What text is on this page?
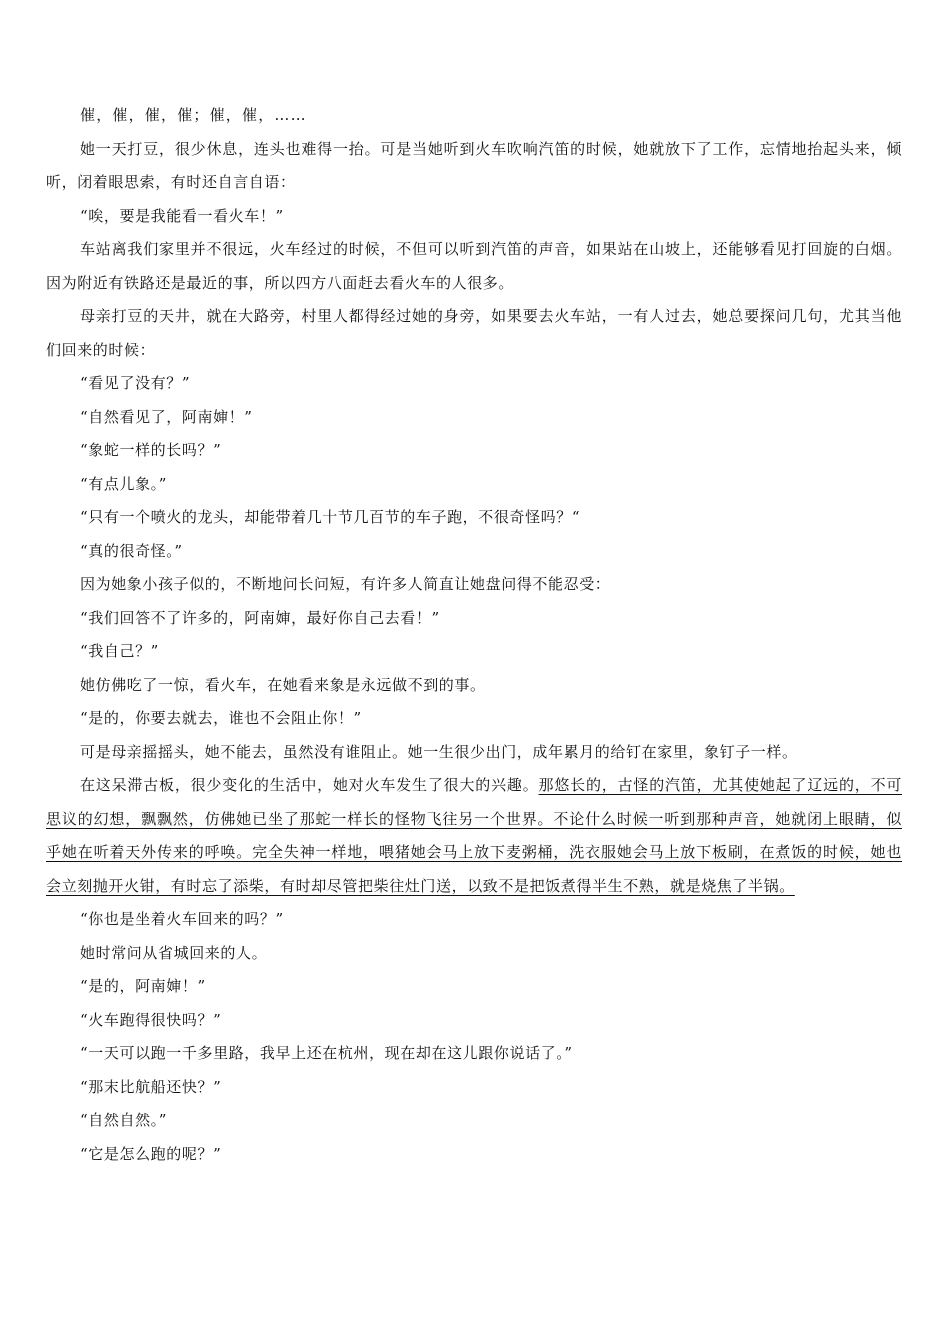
催，催，催，催；催，催，……

她一天打豆，很少休息，连头也难得一抬。可是当她听到火车吹响汽笛的时候，她就放下了工作，忘情地抬起头来，倾听，闭着眼思索，有时还自言自语：

“唉，要是我能看一看火车！”

车站离我们家里并不很远，火车经过的时候，不但可以听到汽笛的声音，如果站在山坡上，还能够看见打回旋的白烟。因为附近有铁路还是最近的事，所以四方八面赶去看火车的人很多。

母亲打豆的天井，就在大路旁，村里人都得经过她的身旁，如果要去火车站，一有人过去，她总要探问几句，尤其当他们回来的时候：

“看见了没有？”

“自然看见了，阿南婶！”

“象蛇一样的长吗？”

“有点儿象。”

“只有一个喷火的龙头，却能带着几十节几百节的车子跑，不很奇怪吗？“

“真的很奇怪。”

因为她象小孩子似的，不断地问长问短，有许多人简直让她盘问得不能忍受：

“我们回答不了许多的，阿南婶，最好你自己去看！”

“我自己？”

她仿佛吃了一惊，看火车，在她看来象是永远做不到的事。

“是的，你要去就去，谁也不会阻止你！”

可是母亲摇摇头，她不能去，虽然没有谁阻止。她一生很少出门，成年累月的给钉在家里，象钉子一样。

在这呆滞古板，很少变化的生活中，她对火车发生了很大的兴趣。那悠长的，古怪的汽笛，尤其使她起了辽远的，不可思议的幻想，飘飘然，仿佛她已坐了那蛇一样长的怪物飞往另一个世界。不论什么时候一听到那种声音，她就闭上眼睛，似乎她在听着天外传来的呼唤。完全失神一样地，喂猪她会马上放下麦粥桶，洗衣服她会马上放下板刷，在煮饭的时候，她也会立刻抛开火钳，有时忘了添柴，有时却尽管把柴往灶门送，以致不是把饭煮得半生不熟，就是烧焦了半锅。

“你也是坐着火车回来的吗？”

她时常问从省城回来的人。

“是的，阿南婶！”

“火车跑得很快吗？”

“一天可以跑一千多里路，我早上还在杭州，现在却在这儿跟你说话了。”

“那末比航船还快？”

“自然自然。”

“它是怎么跑的呢？”
